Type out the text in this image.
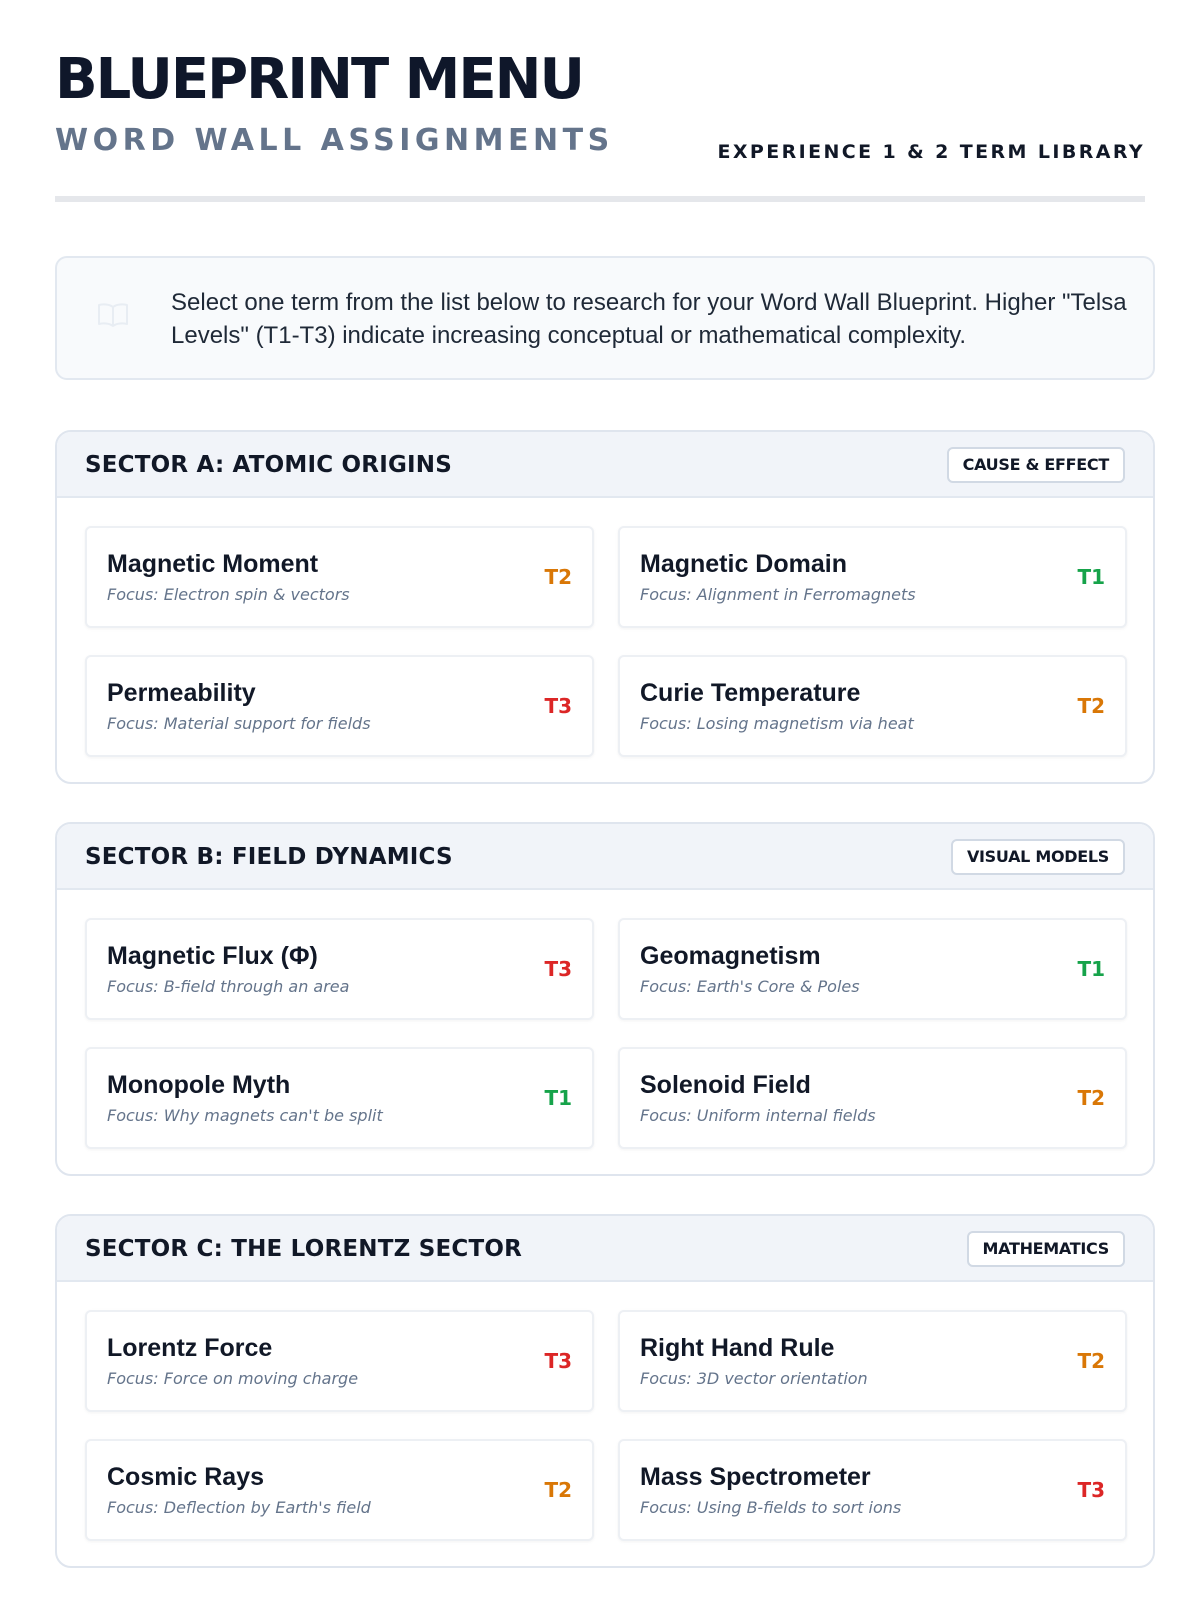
BLUEPRINT MENU
WORD WALL ASSIGNMENTS	EXPERIENCE 1 & 2 TERM LIBRARY
Select one term from the list below to research for your Word Wall Blueprint. Higher "Telsa Levels" (T1-T3) indicate increasing conceptual or mathematical complexity.
SECTOR A: ATOMIC ORIGINS	CAUSE & EFFECT
Magnetic Moment
Focus: Electron spin & vectors
T2	Magnetic Domain
Focus: Alignment in Ferromagnets
T1
Permeability
Focus: Material support for fields
T3	Curie Temperature
Focus: Losing magnetism via heat
T2
SECTOR B: FIELD DYNAMICS	VISUAL MODELS
Magnetic Flux (Φ)
Focus: B-field through an area
T3	Geomagnetism
Focus: Earth's Core & Poles
T1
Monopole Myth
Focus: Why magnets can't be split
T1	Solenoid Field
Focus: Uniform internal fields
T2
SECTOR C: THE LORENTZ SECTOR	MATHEMATICS
Lorentz Force
Focus: Force on moving charge
T3	Right Hand Rule
Focus: 3D vector orientation
T2
Cosmic Rays
Focus: Deflection by Earth's field
T2	Mass Spectrometer
Focus: Using B-fields to sort ions
T3
